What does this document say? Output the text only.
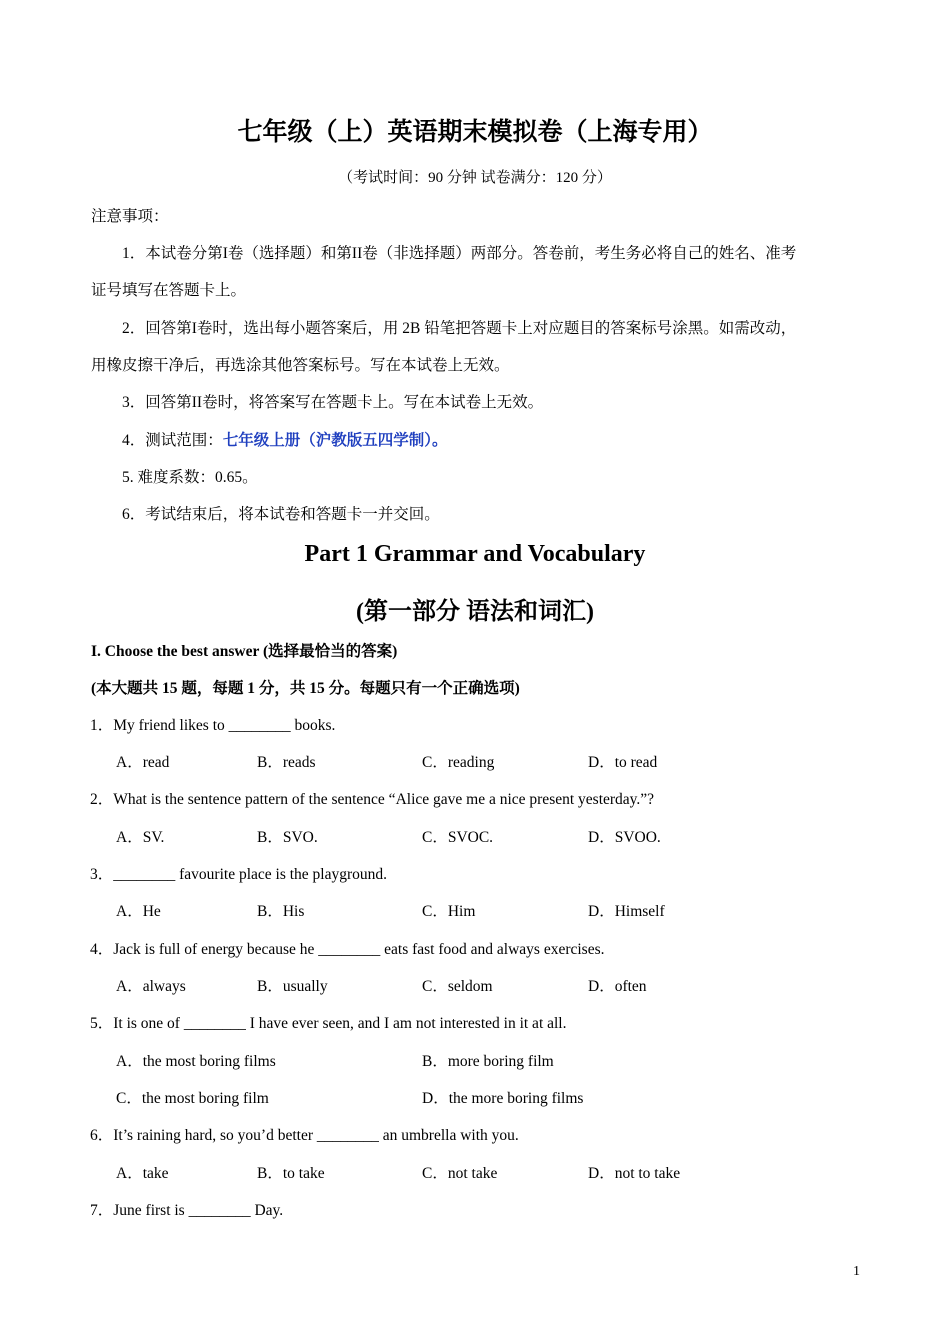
七年级（上）英语期末模拟卷（上海专用）
（考试时间：90 分钟 试卷满分：120 分）
注意事项：
1．本试卷分第I卷（选择题）和第II卷（非选择题）两部分。答卷前，考生务必将自己的姓名、准考
证号填写在答题卡上。
2．回答第I卷时，选出每小题答案后，用 2B 铅笔把答题卡上对应题目的答案标号涂黑。如需改动，
用橡皮擦干净后，再选涂其他答案标号。写在本试卷上无效。
3．回答第II卷时，将答案写在答题卡上。写在本试卷上无效。
4．测试范围：七年级上册（沪教版五四学制）。
5. 难度系数：0.65。
6．考试结束后，将本试卷和答题卡一并交回。
Part 1 Grammar and Vocabulary
(第一部分 语法和词汇)
I. Choose the best answer (选择最恰当的答案)
(本大题共 15 题，每题 1 分，共 15 分。每题只有一个正确选项)
1．My friend likes to ________ books.
A．read	B．reads	C．reading	D．to read
2．What is the sentence pattern of the sentence “Alice gave me a nice present yesterday.”?
A．SV.	B．SVO.	C．SVOC.	D．SVOO.
3．________ favourite place is the playground.
A．He	B．His	C．Him	D．Himself
4．Jack is full of energy because he ________ eats fast food and always exercises.
A．always	B．usually	C．seldom	D．often
5．It is one of ________ I have ever seen, and I am not interested in it at all.
A．the most boring films	B．more boring film
C．the most boring film	D．the more boring films
6．It’s raining hard, so you’d better ________ an umbrella with you.
A．take	B．to take	C．not take	D．not to take
7．June first is ________ Day.
1
